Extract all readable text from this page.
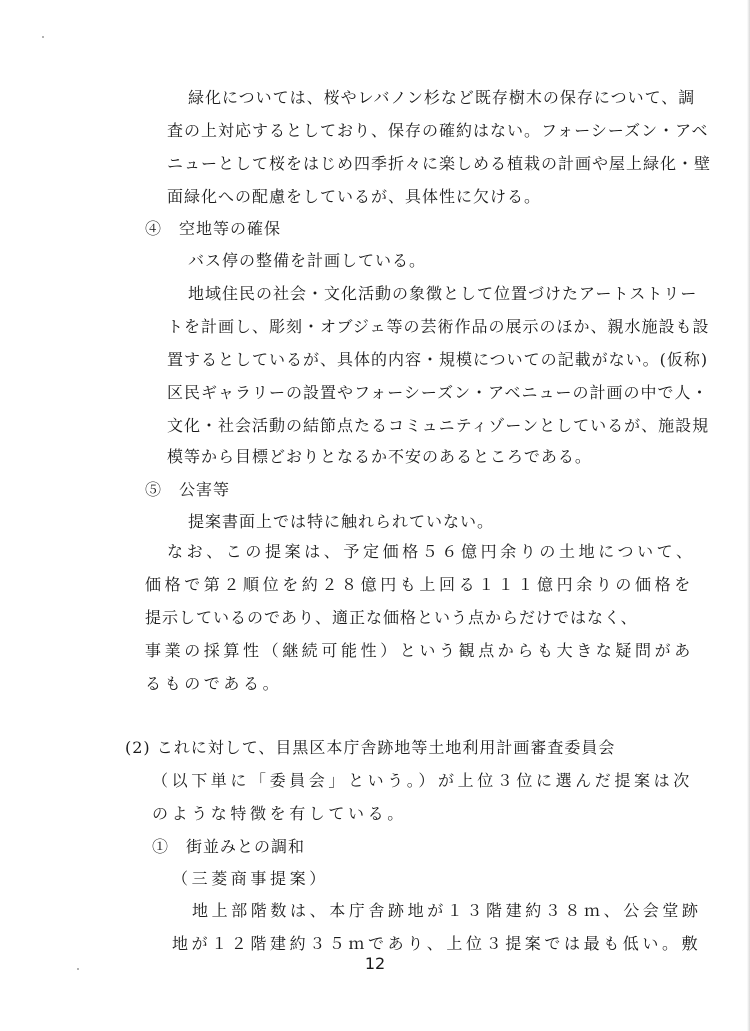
緑化については、桜やレバノン杉など既存樹木の保存について、調
査の上対応するとしており、保存の確約はない。フォーシーズン・アベ
ニューとして桜をはじめ四季折々に楽しめる植栽の計画や屋上緑化・壁
面緑化への配慮をしているが、具体性に欠ける。
④　空地等の確保
バス停の整備を計画している。
地域住民の社会・文化活動の象徴として位置づけたアートストリー
トを計画し、彫刻・オブジェ等の芸術作品の展示のほか、親水施設も設
置するとしているが、具体的内容・規模についての記載がない。(仮称)
区民ギャラリーの設置やフォーシーズン・アベニューの計画の中で人・
文化・社会活動の結節点たるコミュニティゾーンとしているが、施設規
模等から目標どおりとなるか不安のあるところである。
⑤　公害等
提案書面上では特に触れられていない。
なお、この提案は、予定価格５６億円余りの土地について、
価格で第２順位を約２８億円も上回る１１１億円余りの価格を
提示しているのであり、適正な価格という点からだけではなく、
事業の採算性（継続可能性）という観点からも大きな疑問があ
るものである。
(2) これに対して、目黒区本庁舎跡地等土地利用計画審査委員会
（以下単に「委員会」という。）が上位３位に選んだ提案は次
のような特徴を有している。
①　街並みとの調和
（三菱商事提案）
地上部階数は、本庁舎跡地が１３階建約３８ｍ、公会堂跡
地が１２階建約３５ｍであり、上位３提案では最も低い。敷
12
